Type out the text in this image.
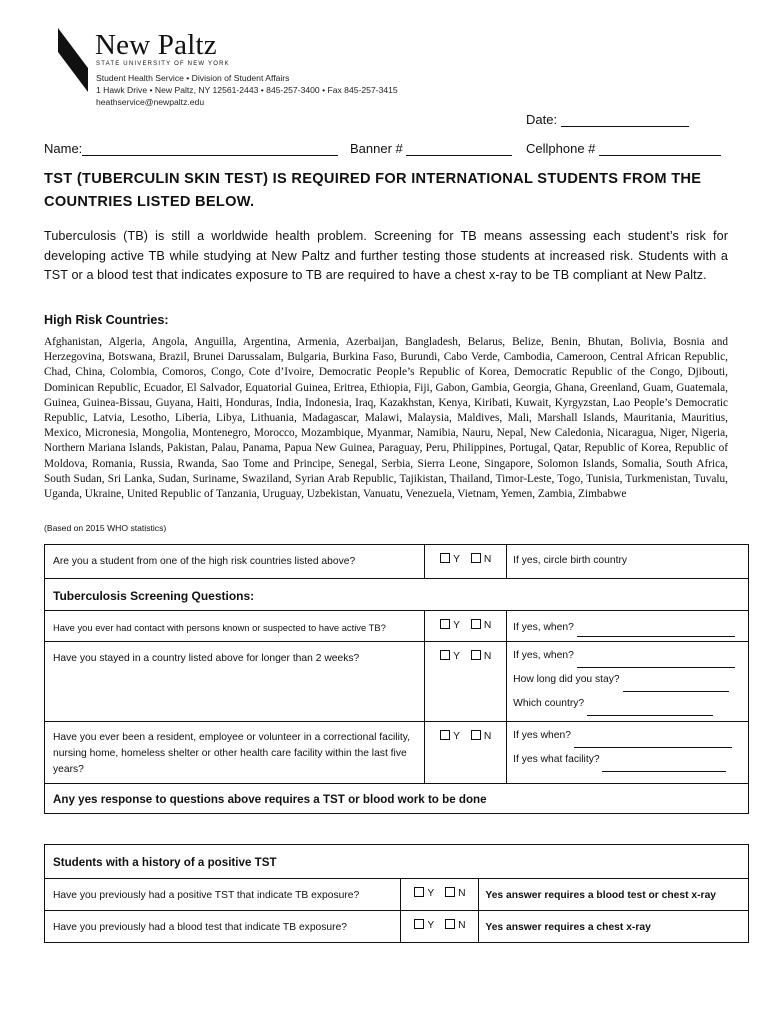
New Paltz
STATE UNIVERSITY OF NEW YORK
Student Health Service • Division of Student Affairs
1 Hawk Drive • New Paltz, NY 12561-2443 • 845-257-3400 • Fax 845-257-3415
heathservice@newpaltz.edu
Date:
Name:	Banner #	Cellphone #
TST (TUBERCULIN SKIN TEST) IS REQUIRED FOR INTERNATIONAL STUDENTS FROM THE COUNTRIES LISTED BELOW.
Tuberculosis (TB) is still a worldwide health problem. Screening for TB means assessing each student’s risk for developing active TB while studying at New Paltz and further testing those students at increased risk. Students with a TST or a blood test that indicates exposure to TB are required to have a chest x-ray to be TB compliant at New Paltz.
High Risk Countries:
Afghanistan, Algeria, Angola, Anguilla, Argentina, Armenia, Azerbaijan, Bangladesh, Belarus, Belize, Benin, Bhutan, Bolivia, Bosnia and Herzegovina, Botswana, Brazil, Brunei Darussalam, Bulgaria, Burkina Faso, Burundi, Cabo Verde, Cambodia, Cameroon, Central African Republic, Chad, China, Colombia, Comoros, Congo, Cote d’Ivoire, Democratic People’s Republic of Korea, Democratic Republic of the Congo, Djibouti, Dominican Republic, Ecuador, El Salvador, Equatorial Guinea, Eritrea, Ethiopia, Fiji, Gabon, Gambia, Georgia, Ghana, Greenland, Guam, Guatemala, Guinea, Guinea-Bissau, Guyana, Haiti, Honduras, India, Indonesia, Iraq, Kazakhstan, Kenya, Kiribati, Kuwait, Kyrgyzstan, Lao People’s Democratic Republic, Latvia, Lesotho, Liberia, Libya, Lithuania, Madagascar, Malawi, Malaysia, Maldives, Mali, Marshall Islands, Mauritania, Mauritius, Mexico, Micronesia, Mongolia, Montenegro, Morocco, Mozambique, Myanmar, Namibia, Nauru, Nepal, New Caledonia, Nicaragua, Niger, Nigeria, Northern Mariana Islands, Pakistan, Palau, Panama, Papua New Guinea, Paraguay, Peru, Philippines, Portugal, Qatar, Republic of Korea, Republic of Moldova, Romania, Russia, Rwanda, Sao Tome and Principe, Senegal, Serbia, Sierra Leone, Singapore, Solomon Islands, Somalia, South Africa, South Sudan, Sri Lanka, Sudan, Suriname, Swaziland, Syrian Arab Republic, Tajikistan, Thailand, Timor-Leste, Togo, Tunisia, Turkmenistan, Tuvalu, Uganda, Ukraine, United Republic of Tanzania, Uruguay, Uzbekistan, Vanuatu, Venezuela, Vietnam, Yemen, Zambia, Zimbabwe
(Based on 2015 WHO statistics)
Are you a student from one of the high risk countries listed above?	Y N	If yes, circle birth country
Tuberculosis Screening Questions:		
Have you ever had contact with persons known or suspected to have active TB?	Y N	If yes, when?
Have you stayed in a country listed above for longer than 2 weeks?	Y N	If yes, when?
How long did you stay?
Which country?

Have you ever been a resident, employee or volunteer in a correctional facility, nursing home, homeless shelter or other health care facility within the last five years?	Y N	If yes when?
If yes what facility?

Any yes response to questions above requires a TST or blood work to be done		
Students with a history of a positive TST		
Have you previously had a positive TST that indicate TB exposure?	Y N	Yes answer requires a blood test or chest x-ray
Have you previously had a blood test that indicate TB exposure?	Y N	Yes answer requires a chest x-ray
